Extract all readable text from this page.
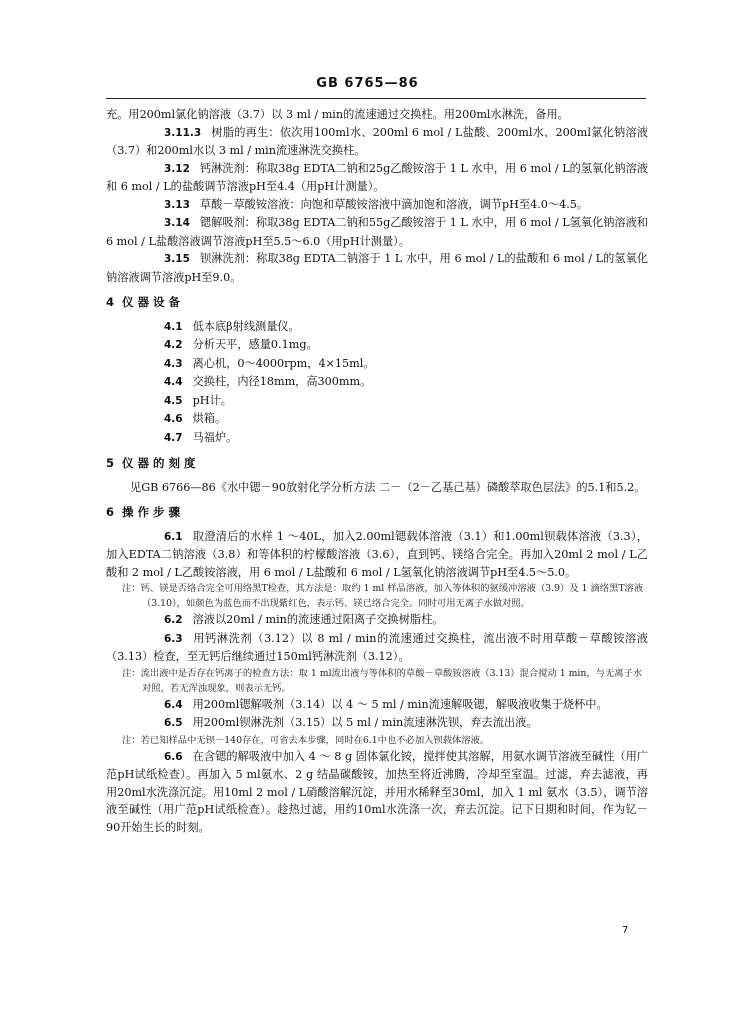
GB 6765—86

充。用200ml氯化钠溶液（3.7）以 3 ml / min的流速通过交换柱。用200ml水淋洗，备用。

3.11.3 树脂的再生：依次用100ml水、200ml 6 mol / L盐酸、200ml水、200ml氯化钠溶液（3.7）和200ml水以 3 ml / min流速淋洗交换柱。

3.12 钙淋洗剂：称取38g EDTA二钠和25g乙酸铵溶于 1 L 水中，用 6 mol / L的氢氧化钠溶液和 6 mol / L的盐酸调节溶液pH至4.4（用pH计测量）。

3.13 草酸－草酸铵溶液：向饱和草酸铵溶液中滴加饱和溶液，调节pH至4.0～4.5。

3.14 锶解吸剂：称取38g EDTA二钠和55g乙酸铵溶于 1 L 水中，用 6 mol / L氢氧化钠溶液和 6 mol / L盐酸溶液调节溶液pH至5.5～6.0（用pH计测量）。

3.15 钡淋洗剂：称取38g EDTA二钠溶于 1 L 水中，用 6 mol / L的盐酸和 6 mol / L的氢氧化钠溶液调节溶液pH至9.0。

4 仪 器 设 备

4.1 低本底β射线测量仪。

4.2 分析天平，感量0.1mg。

4.3 离心机，0～4000rpm，4×15ml。

4.4 交换柱，内径18mm，高300mm。

4.5 pH计。

4.6 烘箱。

4.7 马福炉。

5 仪 器 的 刻 度

见GB 6766—86《水中锶－90放射化学分析方法 二－（2－乙基己基）磷酸萃取色层法》的5.1和5.2。

6 操 作 步 骤

6.1 取澄清后的水样 1 ～40L，加入2.00ml锶载体溶液（3.1）和1.00ml钡载体溶液（3.3），加入EDTA二钠溶液（3.8）和等体积的柠檬酸溶液（3.6），直到钙、镁络合完全。再加入20ml 2 mol / L乙酸和 2 mol / L乙酸铵溶液，用 6 mol / L盐酸和 6 mol / L氢氧化钠溶液调节pH至4.5～5.0。

注：钙、镁是否络合完全可用络黑T检查，其方法是：取约 1 ml 样品溶液，加入等体积的氨缓冲溶液（3.9）及 1 滴络黑T溶液（3.10），如颜色为蓝色而不出现紫红色，表示钙、镁已络合完全。同时可用无离子水做对照。

6.2 溶液以20ml / min的流速通过阳离子交换树脂柱。

6.3 用钙淋洗剂（3.12）以 8 ml / min的流速通过交换柱，流出液不时用草酸－草酸铵溶液（3.13）检查，至无钙后继续通过150ml钙淋洗剂（3.12）。

注：流出液中是否存在钙离子的检查方法：取 1 ml流出液与等体积的草酸－草酸铵溶液（3.13）混合搅动 1 min，与无离子水对照，若无浑浊现象，则表示无钙。

6.4 用200ml锶解吸剂（3.14）以 4 ～ 5 ml / min流速解吸锶，解吸液收集于烧杯中。

6.5 用200ml钡淋洗剂（3.15）以 5 ml / min流速淋洗钡，弃去流出液。

注：若已知样品中无钡－140存在，可省去本步骤，同时在6.1中也不必加入钡载体溶液。

6.6 在含锶的解吸液中加入 4 ～ 8 g 固体氯化铵，搅拌使其溶解，用氨水调节溶液至碱性（用广范pH试纸检查）。再加入 5 ml氨水、2 g 结晶碳酸铵，加热至将近沸腾，冷却至室温。过滤，弃去滤液，再用20ml水洗涤沉淀。用10ml 2 mol / L硝酸溶解沉淀，并用水稀释至30ml，加入 1 ml 氨水（3.5），调节溶液至碱性（用广范pH试纸检查）。趁热过滤，用约10ml水洗涤一次，弃去沉淀。记下日期和时间，作为钇－90开始生长的时刻。

7
